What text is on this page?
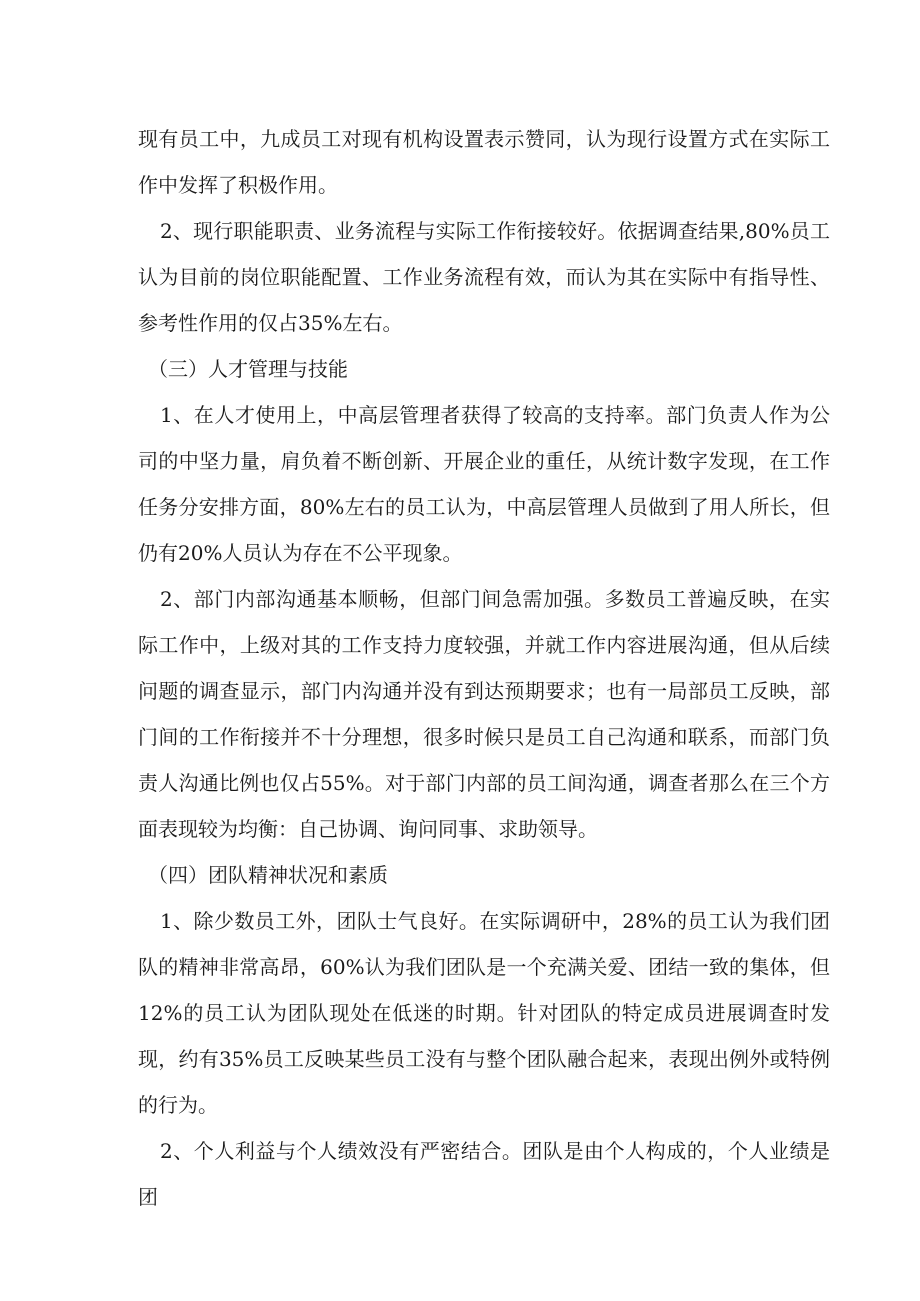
现有员工中，九成员工对现有机构设置表示赞同，认为现行设置方式在实际工作中发挥了积极作用。

2、现行职能职责、业务流程与实际工作衔接较好。依据调查结果,80%员工认为目前的岗位职能配置、工作业务流程有效，而认为其在实际中有指导性、参考性作用的仅占35%左右。

（三）人才管理与技能

1、在人才使用上，中高层管理者获得了较高的支持率。部门负责人作为公司的中坚力量，肩负着不断创新、开展企业的重任，从统计数字发现，在工作任务分安排方面，80%左右的员工认为，中高层管理人员做到了用人所长，但仍有20%人员认为存在不公平现象。

2、部门内部沟通基本顺畅，但部门间急需加强。多数员工普遍反映，在实际工作中，上级对其的工作支持力度较强，并就工作内容进展沟通，但从后续问题的调查显示，部门内沟通并没有到达预期要求；也有一局部员工反映，部门间的工作衔接并不十分理想，很多时候只是员工自己沟通和联系，而部门负责人沟通比例也仅占55%。对于部门内部的员工间沟通，调查者那么在三个方面表现较为均衡：自己协调、询问同事、求助领导。

（四）团队精神状况和素质

1、除少数员工外，团队士气良好。在实际调研中，28%的员工认为我们团队的精神非常高昂，60%认为我们团队是一个充满关爱、团结一致的集体，但12%的员工认为团队现处在低迷的时期。针对团队的特定成员进展调查时发现，约有35%员工反映某些员工没有与整个团队融合起来，表现出例外或特例的行为。

2、个人利益与个人绩效没有严密结合。团队是由个人构成的，个人业绩是团
